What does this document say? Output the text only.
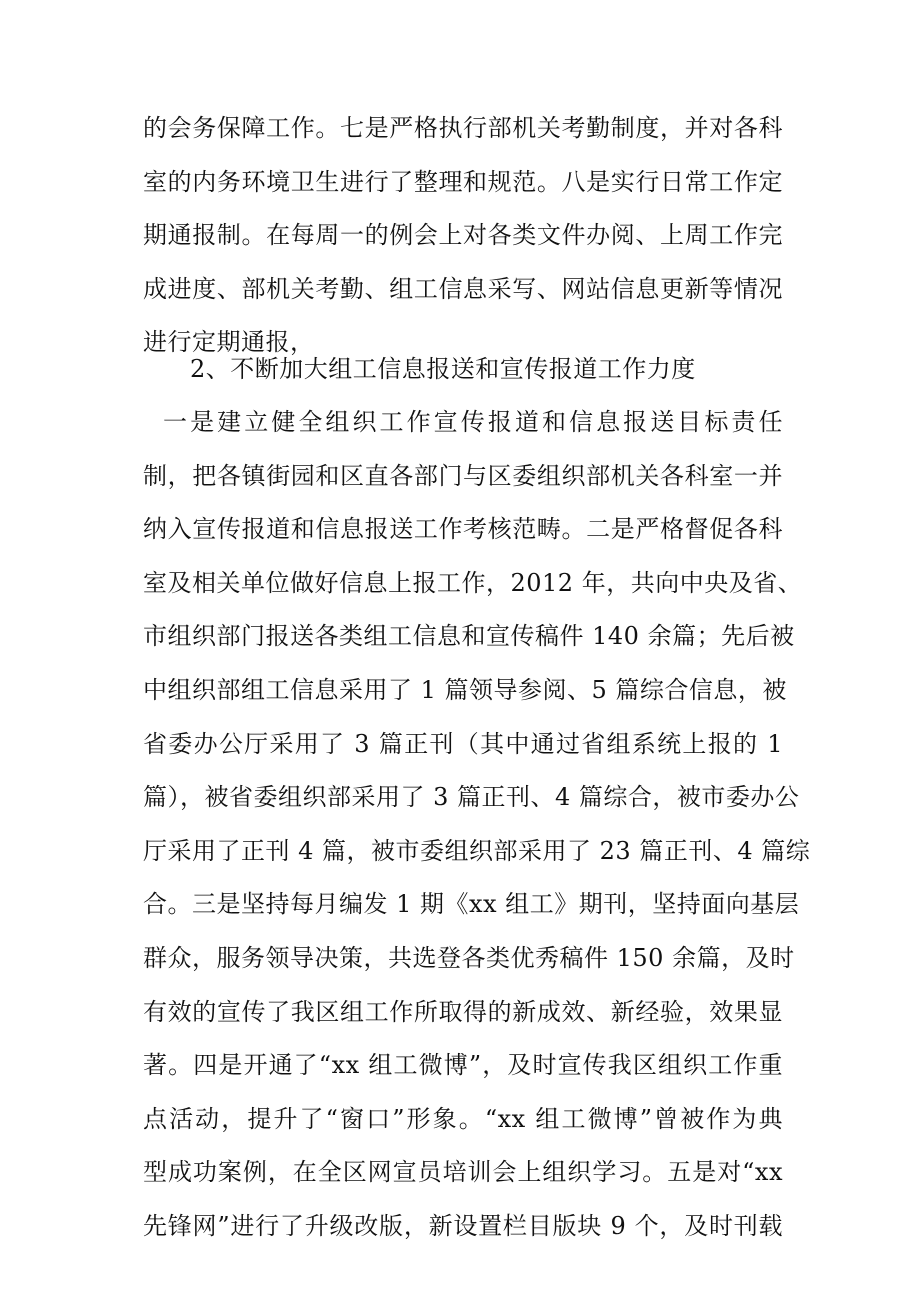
的会务保障工作。七是严格执行部机关考勤制度，并对各科
室的内务环境卫生进行了整理和规范。八是实行日常工作定
期通报制。在每周一的例会上对各类文件办阅、上周工作完
成进度、部机关考勤、组工信息采写、网站信息更新等情况
进行定期通报，
2、不断加大组工信息报送和宣传报道工作力度
一是建立健全组织工作宣传报道和信息报送目标责任
制，把各镇街园和区直各部门与区委组织部机关各科室一并
纳入宣传报道和信息报送工作考核范畴。二是严格督促各科
室及相关单位做好信息上报工作，2012 年，共向中央及省、
市组织部门报送各类组工信息和宣传稿件 140 余篇；先后被
中组织部组工信息采用了 1 篇领导参阅、5 篇综合信息，被
省委办公厅采用了 3 篇正刊（其中通过省组系统上报的 1
篇），被省委组织部采用了 3 篇正刊、4 篇综合，被市委办公
厅采用了正刊 4 篇，被市委组织部采用了 23 篇正刊、4 篇综
合。三是坚持每月编发 1 期《xx 组工》期刊，坚持面向基层
群众，服务领导决策，共选登各类优秀稿件 150 余篇，及时
有效的宣传了我区组工作所取得的新成效、新经验，效果显
著。四是开通了“xx 组工微博”，及时宣传我区组织工作重
点活动，提升了“窗口”形象。“xx 组工微博”曾被作为典
型成功案例，在全区网宣员培训会上组织学习。五是对“xx
先锋网”进行了升级改版，新设置栏目版块 9 个，及时刊载
